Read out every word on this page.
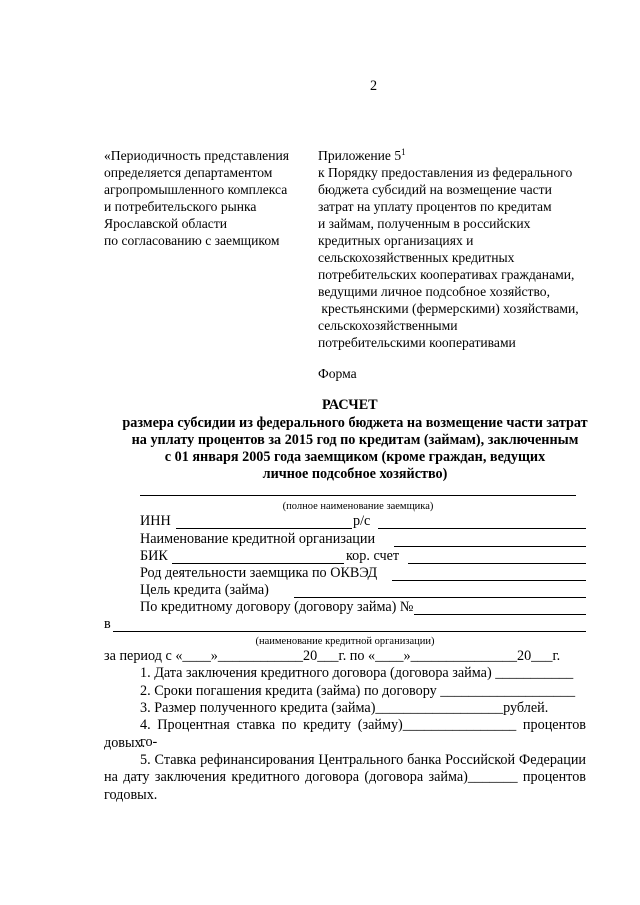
2
«Периодичность представления
определяется департаментом
агропромышленного комплекса
и потребительского рынка
Ярославской области
по согласованию с заемщиком
Приложение $5^1$
к Порядку предоставления из федерального
бюджета субсидий на возмещение части
затрат на уплату процентов по кредитам
и займам, полученным в российских
кредитных организациях и
сельскохозяйственных кредитных
потребительских кооперативах гражданами,
ведущими личное подсобное хозяйство,
крестьянскими (фермерскими) хозяйствами,
сельскохозяйственными
потребительскими кооперативами
Форма
РАСЧЕТ
размера субсидии из федерального бюджета на возмещение части затрат
на уплату процентов за 2015 год по кредитам (займам), заключенным
с 01 января 2005 года заемщиком (кроме граждан, ведущих
личное подсобное хозяйство)
(полное наименование заемщика)
ИНН	р/с
Наименование кредитной организации
БИК	кор. счет
Род деятельности заемщика по ОКВЭД
Цель кредита (займа)
По кредитному договору (договору займа) №
в
(наименование кредитной организации)
за период с «____»____________20___г. по «____»_______________20___г.
1. Дата заключения кредитного договора (договора займа) ___________
2. Сроки погашения кредита (займа) по договору ___________________
3. Размер полученного кредита (займа)__________________рублей.
4. Процентная ставка по кредиту (займу)________________ процентов го-
довых.
5. Ставка рефинансирования Центрального банка Российской Федерации
на дату заключения кредитного договора (договора займа)_______ процентов
годовых.
